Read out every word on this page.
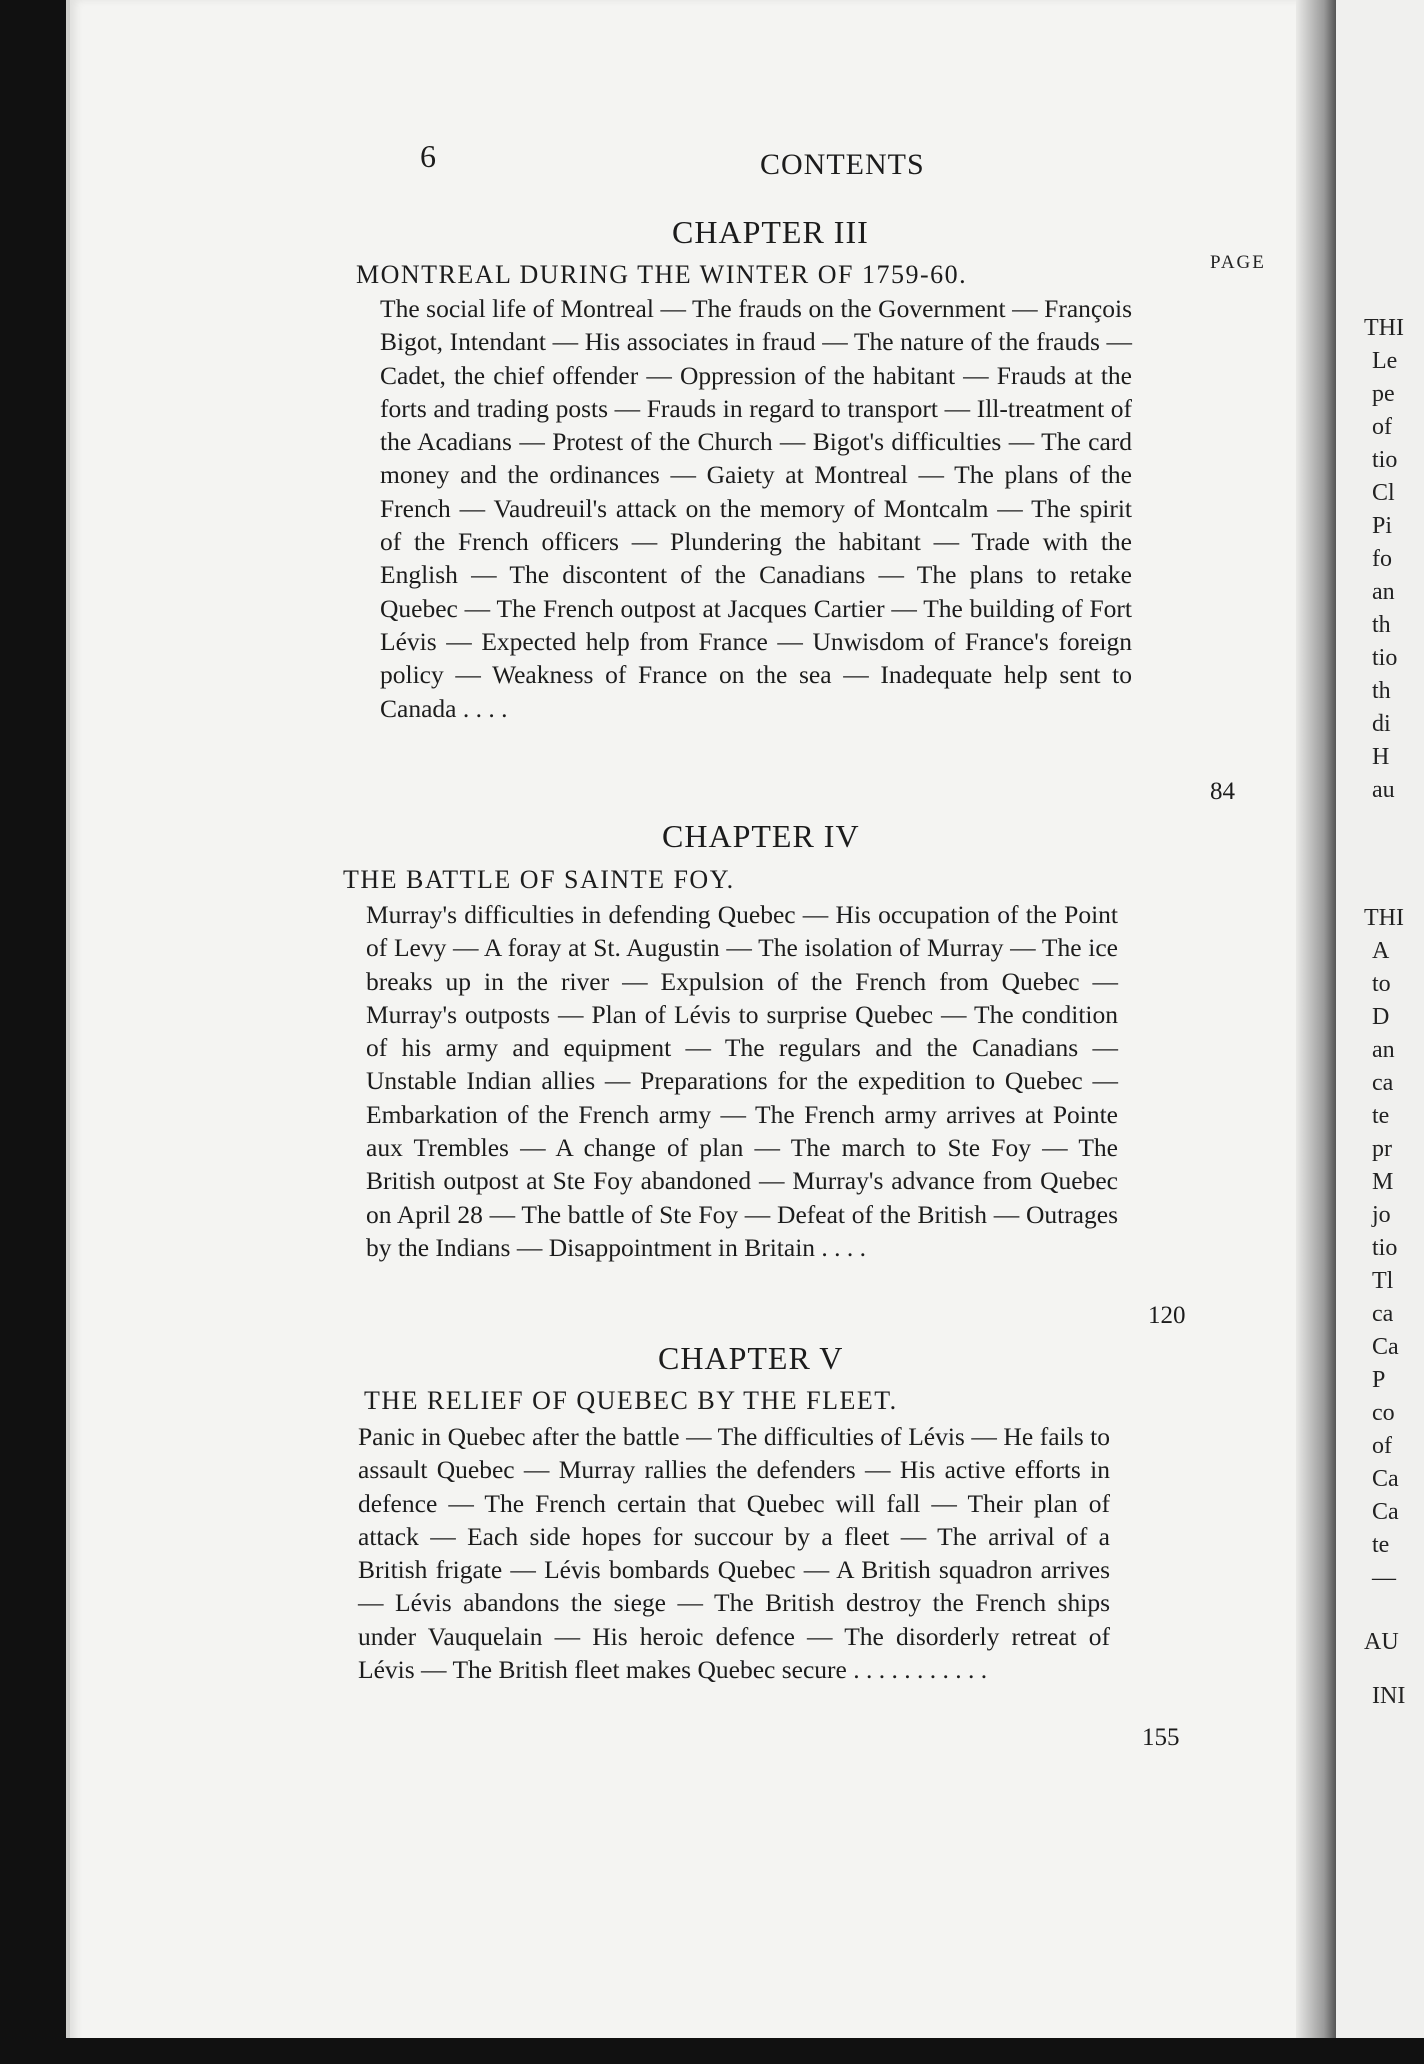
6	CONTENTS
PAGE
CHAPTER III
MONTREAL DURING THE WINTER OF 1759-60.

The social life of Montreal — The frauds on the Government — François Bigot, Intendant — His associates in fraud — The nature of the frauds — Cadet, the chief offender — Oppression of the habitant — Frauds at the forts and trading posts — Frauds in regard to transport — Ill-treatment of the Acadians — Protest of the Church — Bigot's difficulties — The card money and the ordinances — Gaiety at Montreal — The plans of the French — Vaudreuil's attack on the memory of Montcalm — The spirit of the French officers — Plundering the habitant — Trade with the English — The discontent of the Canadians — The plans to retake Quebec — The French outpost at Jacques Cartier — The building of Fort Lévis — Expected help from France — Unwisdom of France's foreign policy — Weakness of France on the sea — Inadequate help sent to Canada . . . .

84
CHAPTER IV
THE BATTLE OF SAINTE FOY.

Murray's difficulties in defending Quebec — His occupation of the Point of Levy — A foray at St. Augustin — The isolation of Murray — The ice breaks up in the river — Expulsion of the French from Quebec — Murray's outposts — Plan of Lévis to surprise Quebec — The condition of his army and equipment — The regulars and the Canadians — Unstable Indian allies — Preparations for the expedition to Quebec — Embarkation of the French army — The French army arrives at Pointe aux Trembles — A change of plan — The march to Ste Foy — The British outpost at Ste Foy abandoned — Murray's advance from Quebec on April 28 — The battle of Ste Foy — Defeat of the British — Outrages by the Indians — Disappointment in Britain . . . .

120
CHAPTER V
THE RELIEF OF QUEBEC BY THE FLEET.

Panic in Quebec after the battle — The difficulties of Lévis — He fails to assault Quebec — Murray rallies the defenders — His active efforts in defence — The French certain that Quebec will fall — Their plan of attack — Each side hopes for succour by a fleet — The arrival of a British frigate — Lévis bombards Quebec — A British squadron arrives — Lévis abandons the siege — The British destroy the French ships under Vauquelain — His heroic defence — The disorderly retreat of Lévis — The British fleet makes Quebec secure . . . . . . . . . . .

155
THI
Le
pe
of
tio
Cl
Pi
fo
an
th
tio
th
di
H
au
THI
A
to
D
an
ca
te
pr
M
jo
tio
Tl
ca
Ca
P
co
of
Ca
Ca
te
—
AU
INI
